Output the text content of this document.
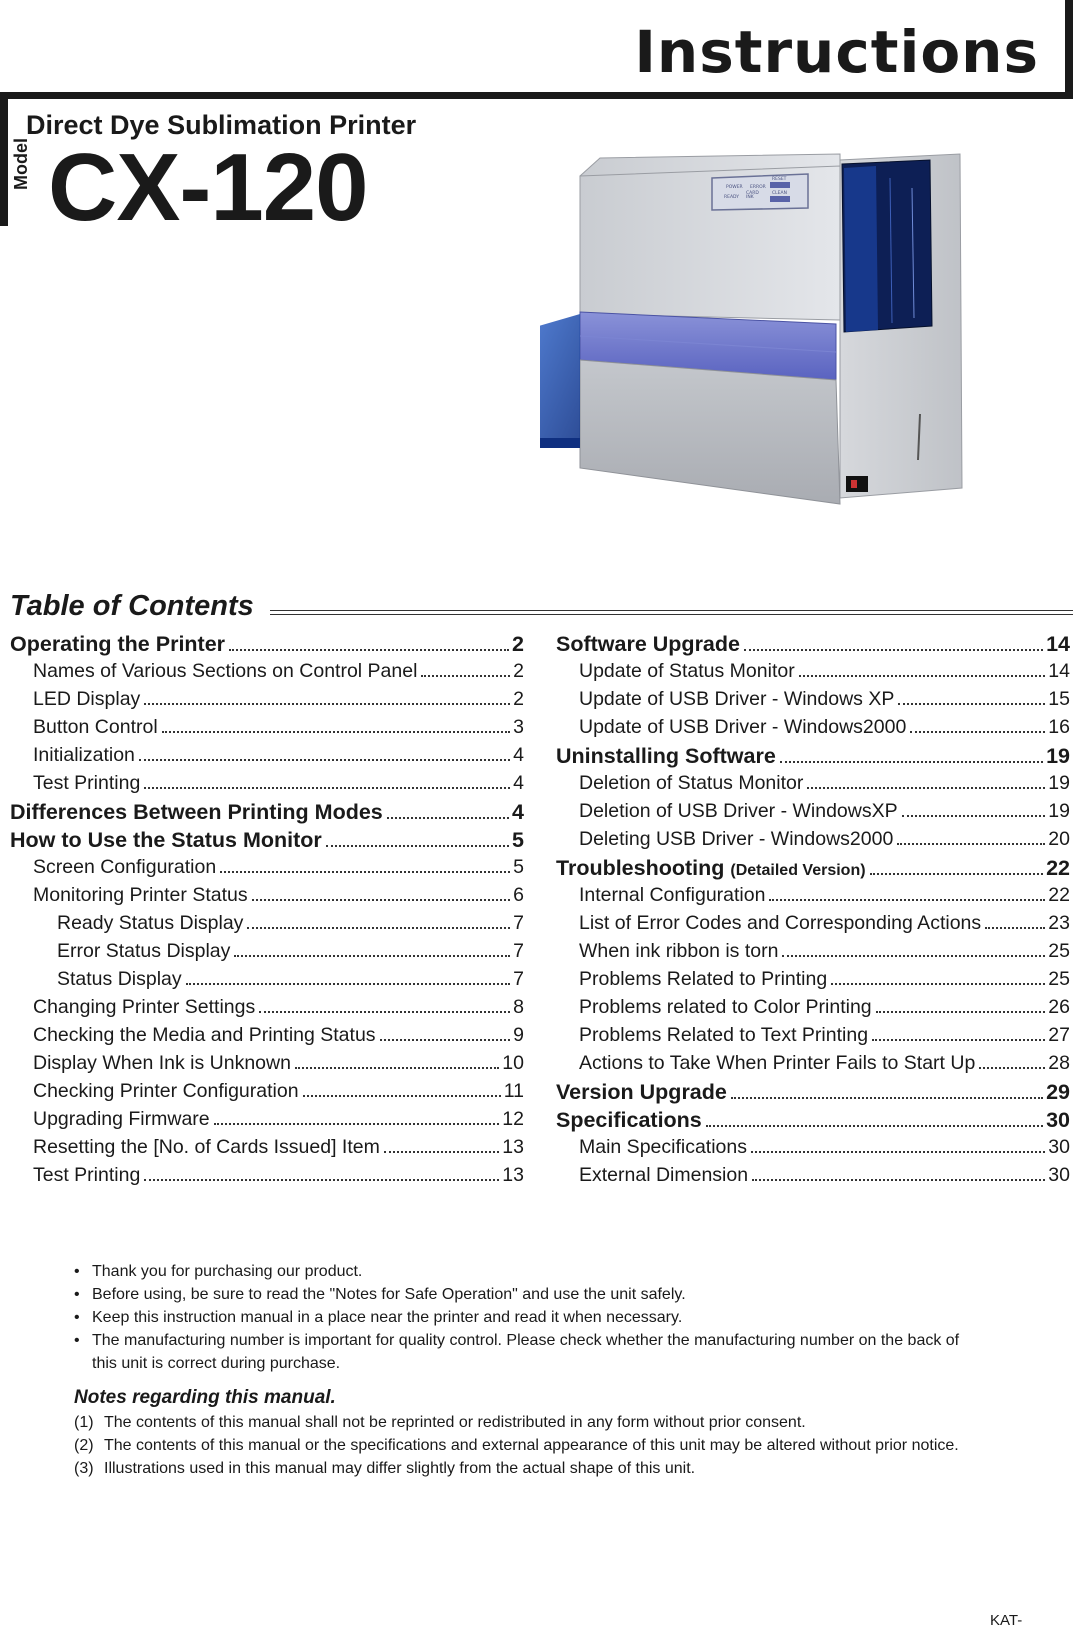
Instructions
Direct Dye Sublimation Printer
Model CX-120	POWER ERROR
CARD
READY INK
RESET
CLEAN
Table of Contents
Operating the Printer	2
Names of Various Sections on Control Panel	2
LED Display	2
Button Control	3
Initialization	4
Test Printing	4
Differences Between Printing Modes	4
How to Use the Status Monitor	5
Screen Configuration	5
Monitoring Printer Status	6
Ready Status Display	7
Error Status Display	7
Status Display	7
Changing Printer Settings	8
Checking the Media and Printing Status	9
Display When Ink is Unknown	10
Checking Printer Configuration	11
Upgrading Firmware	12
Resetting the [No. of Cards Issued] Item	13
Test Printing	13
Software Upgrade	14
Update of Status Monitor	14
Update of USB Driver - Windows XP	15
Update of USB Driver - Windows2000	16
Uninstalling Software	19
Deletion of Status Monitor	19
Deletion of USB Driver - WindowsXP	19
Deleting USB Driver - Windows2000	20
Troubleshooting (Detailed Version)	22
Internal Configuration	22
List of Error Codes and Corresponding Actions	23
When ink ribbon is torn	25
Problems Related to Printing	25
Problems related to Color Printing	26
Problems Related to Text Printing	27
Actions to Take When Printer Fails to Start Up	28
Version Upgrade	29
Specifications	30
Main Specifications	30
External Dimension	30
• Thank you for purchasing our product.
• Before using, be sure to read the "Notes for Safe Operation" and use the unit safely.
• Keep this instruction manual in a place near the printer and read it when necessary.
• The manufacturing number is important for quality control. Please check whether the manufacturing number on the back of this unit is correct during purchase.
Notes regarding this manual.
(1) The contents of this manual shall not be reprinted or redistributed in any form without prior consent.
(2) The contents of this manual or the specifications and external appearance of this unit may be altered without prior notice.
(3) Illustrations used in this manual may differ slightly from the actual shape of this unit.
KAT-
